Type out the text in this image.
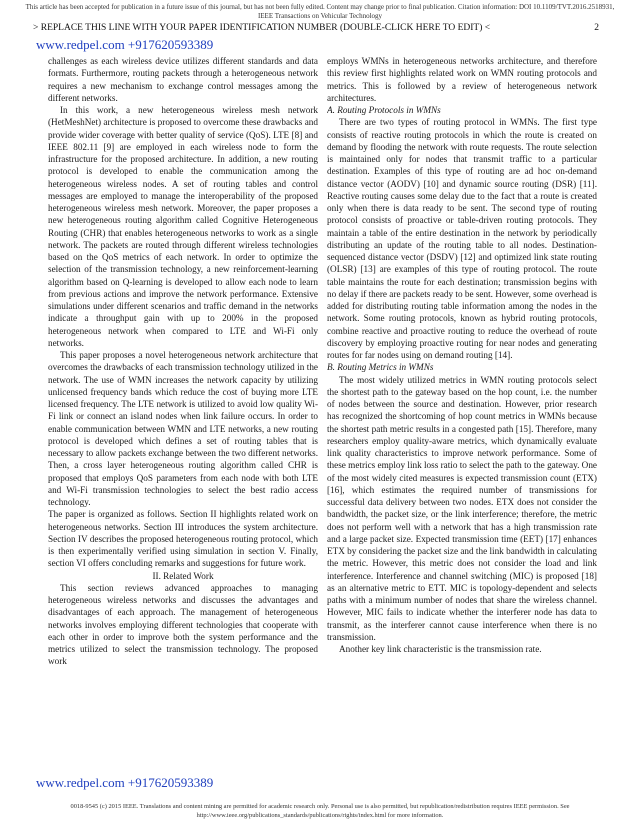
This article has been accepted for publication in a future issue of this journal, but has not been fully edited. Content may change prior to final publication. Citation information: DOI 10.1109/TVT.2016.2518931, IEEE Transactions on Vehicular Technology
> REPLACE THIS LINE WITH YOUR PAPER IDENTIFICATION NUMBER (DOUBLE-CLICK HERE TO EDIT) <	2
www.redpel.com +917620593389

challenges as each wireless device utilizes different standards and data formats. Furthermore, routing packets through a heterogeneous network requires a new mechanism to exchange control messages among the different networks.

In this work, a new heterogeneous wireless mesh network (HetMeshNet) architecture is proposed to overcome these drawbacks and provide wider coverage with better quality of service (QoS). LTE [8] and IEEE 802.11 [9] are employed in each wireless node to form the infrastructure for the proposed architecture. In addition, a new routing protocol is developed to enable the communication among the heterogeneous wireless nodes. A set of routing tables and control messages are employed to manage the interoperability of the proposed heterogeneous wireless mesh network. Moreover, the paper proposes a new heterogeneous routing algorithm called Cognitive Heterogeneous Routing (CHR) that enables heterogeneous networks to work as a single network. The packets are routed through different wireless technologies based on the QoS metrics of each network. In order to optimize the selection of the transmission technology, a new reinforcement-learning algorithm based on Q-learning is developed to allow each node to learn from previous actions and improve the network performance. Extensive simulations under different scenarios and traffic demand in the networks indicate a throughput gain with up to 200% in the proposed heterogeneous network when compared to LTE and Wi-Fi only networks.

This paper proposes a novel heterogeneous network architecture that overcomes the drawbacks of each transmission technology utilized in the network. The use of WMN increases the network capacity by utilizing unlicensed frequency bands which reduce the cost of buying more LTE licensed frequency. The LTE network is utilized to avoid low quality Wi-Fi link or connect an island nodes when link failure occurs. In order to enable communication between WMN and LTE networks, a new routing protocol is developed which defines a set of routing tables that is necessary to allow packets exchange between the two different networks. Then, a cross layer heterogeneous routing algorithm called CHR is proposed that employs QoS parameters from each node with both LTE and Wi-Fi transmission technologies to select the best radio access technology.

The paper is organized as follows. Section II highlights related work on heterogeneous networks. Section III introduces the system architecture. Section IV describes the proposed heterogeneous routing protocol, which is then experimentally verified using simulation in section V. Finally, section VI offers concluding remarks and suggestions for future work.

II. Related Work

This section reviews advanced approaches to managing heterogeneous wireless networks and discusses the advantages and disadvantages of each approach. The management of heterogeneous networks involves employing different technologies that cooperate with each other in order to improve both the system performance and the metrics utilized to select the transmission technology. The proposed work

employs WMNs in heterogeneous networks architecture, and therefore this review first highlights related work on WMN routing protocols and metrics. This is followed by a review of heterogeneous network architectures.

A. Routing Protocols in WMNs

There are two types of routing protocol in WMNs. The first type consists of reactive routing protocols in which the route is created on demand by flooding the network with route requests. The route selection is maintained only for nodes that transmit traffic to a particular destination. Examples of this type of routing are ad hoc on-demand distance vector (AODV) [10] and dynamic source routing (DSR) [11]. Reactive routing causes some delay due to the fact that a route is created only when there is data ready to be sent. The second type of routing protocol consists of proactive or table-driven routing protocols. They maintain a table of the entire destination in the network by periodically distributing an update of the routing table to all nodes. Destination-sequenced distance vector (DSDV) [12] and optimized link state routing (OLSR) [13] are examples of this type of routing protocol. The route table maintains the route for each destination; transmission begins with no delay if there are packets ready to be sent. However, some overhead is added for distributing routing table information among the nodes in the network. Some routing protocols, known as hybrid routing protocols, combine reactive and proactive routing to reduce the overhead of route discovery by employing proactive routing for near nodes and generating routes for far nodes using on demand routing [14].

B. Routing Metrics in WMNs

The most widely utilized metrics in WMN routing protocols select the shortest path to the gateway based on the hop count, i.e. the number of nodes between the source and destination. However, prior research has recognized the shortcoming of hop count metrics in WMNs because the shortest path metric results in a congested path [15]. Therefore, many researchers employ quality-aware metrics, which dynamically evaluate link quality characteristics to improve network performance. Some of these metrics employ link loss ratio to select the path to the gateway. One of the most widely cited measures is expected transmission count (ETX) [16], which estimates the required number of transmissions for successful data delivery between two nodes. ETX does not consider the bandwidth, the packet size, or the link interference; therefore, the metric does not perform well with a network that has a high transmission rate and a large packet size. Expected transmission time (EET) [17] enhances ETX by considering the packet size and the link bandwidth in calculating the metric. However, this metric does not consider the load and link interference. Interference and channel switching (MIC) is proposed [18] as an alternative metric to ETT. MIC is topology-dependent and selects paths with a minimum number of nodes that share the wireless channel. However, MIC fails to indicate whether the interferer node has data to transmit, as the interferer cannot cause interference when there is no transmission.

Another key link characteristic is the transmission rate.

www.redpel.com +917620593389
0018-9545 (c) 2015 IEEE. Translations and content mining are permitted for academic research only. Personal use is also permitted, but republication/redistribution requires IEEE permission. See http://www.ieee.org/publications_standards/publications/rights/index.html for more information.
